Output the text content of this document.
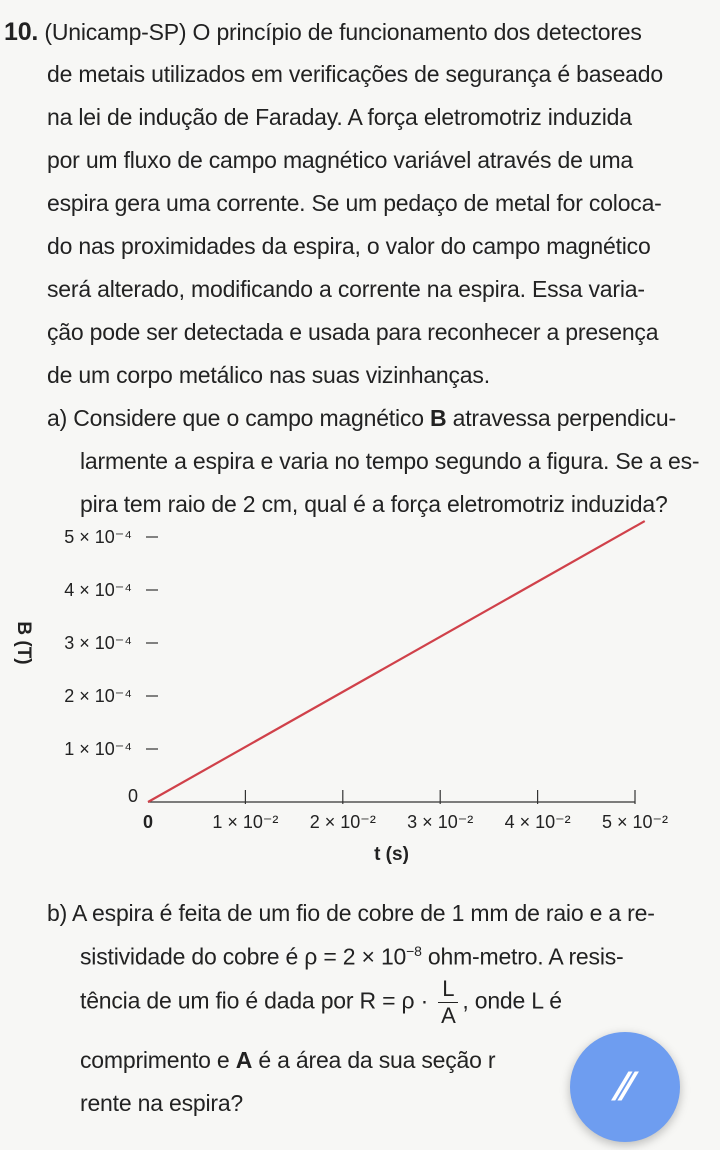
10. (Unicamp-SP) O princípio de funcionamento dos detectores
de metais utilizados em verificações de segurança é baseado
na lei de indução de Faraday. A força eletromotriz induzida
por um fluxo de campo magnético variável através de uma
espira gera uma corrente. Se um pedaço de metal for coloca-
do nas proximidades da espira, o valor do campo magnético
será alterado, modificando a corrente na espira. Essa varia-
ção pode ser detectada e usada para reconhecer a presença
de um corpo metálico nas suas vizinhanças.
a) Considere que o campo magnético B atravessa perpendicu-
larmente a espira e varia no tempo segundo a figura. Se a es-
pira tem raio de 2 cm, qual é a força eletromotriz induzida?
0
1 × 10⁻⁴
2 × 10⁻⁴
3 × 10⁻⁴
4 × 10⁻⁴
5 × 10⁻⁴
0	1 × 10⁻² 2 × 10⁻² 3 × 10⁻² 4 × 10⁻² 5 × 10⁻²
t (s)
B (T)
b) A espira é feita de um fio de cobre de 1 mm de raio e a re-
sistividade do cobre é $\rho = 2 \times 10^{-8}$ ohm-metro. A resis-
tência de um fio é dada por $R = \rho \cdot \frac{L}{A}$ , onde L é
comprimento e A é a área da sua seção r
rente na espira?	⁄⁄
